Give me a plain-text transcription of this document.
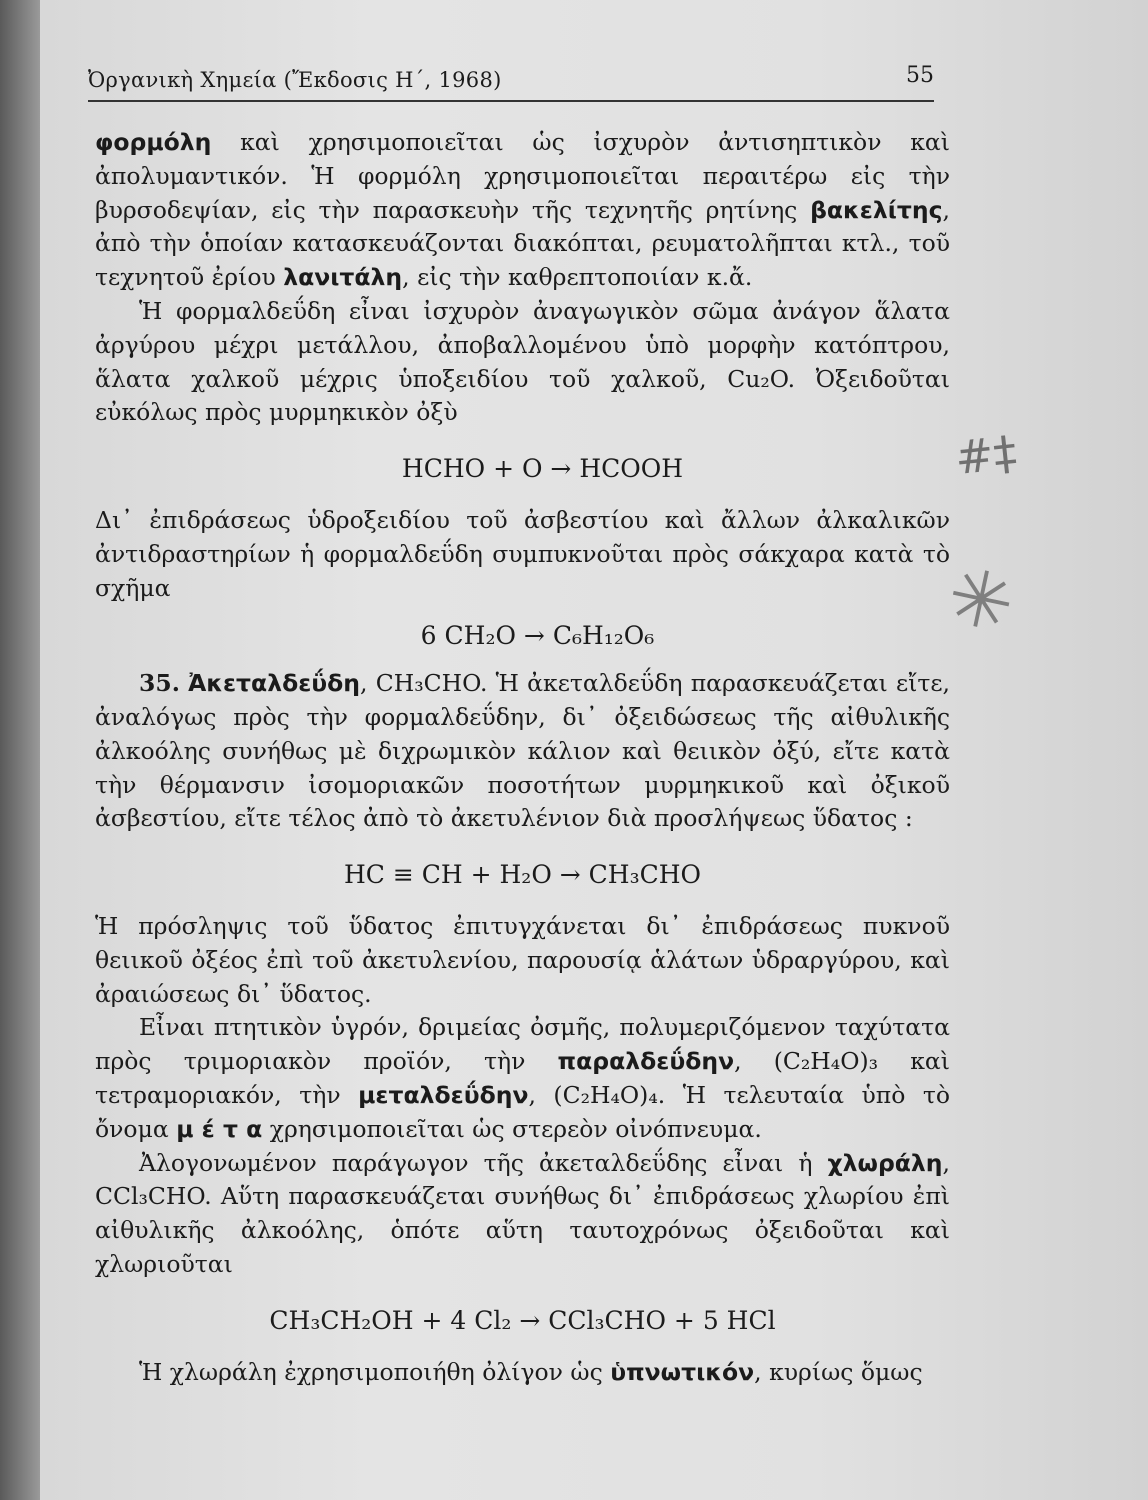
Ὀργανικὴ Χημεία (Ἔκδοσις Η΄, 1968)	55

φορμόλη καὶ χρησιμοποιεῖται ὡς ἰσχυρὸν ἀντισηπτικὸν καὶ ἀπολυμαντικόν. Ἡ φορμόλη χρησιμοποιεῖται περαιτέρω εἰς τὴν βυρσοδεψίαν, εἰς τὴν παρασκευὴν τῆς τεχνητῆς ρητίνης βακελίτης, ἀπὸ τὴν ὁποίαν κατασκευάζονται διακόπται, ρευματολῆπται κτλ., τοῦ τεχνητοῦ ἐρίου λανιτάλη, εἰς τὴν καθρεπτοποιίαν κ.ἄ.

Ἡ φορμαλδεΰδη εἶναι ἰσχυρὸν ἀναγωγικὸν σῶμα ἀνάγον ἅλατα ἀργύρου μέχρι μετάλλου, ἀποβαλλομένου ὑπὸ μορφὴν κατόπτρου, ἅλατα χαλκοῦ μέχρις ὑποξειδίου τοῦ χαλκοῦ, Cu₂O. Ὀξειδοῦται εὐκόλως πρὸς μυρμηκικὸν ὀξὺ

HCHO + O → HCOOH

Δι᾽ ἐπιδράσεως ὑδροξειδίου τοῦ ἀσβεστίου καὶ ἄλλων ἀλκαλικῶν ἀντιδραστηρίων ἡ φορμαλδεΰδη συμπυκνοῦται πρὸς σάκχαρα κατὰ τὸ σχῆμα

6 CH₂O → C₆H₁₂O₆

35. Ἀκεταλδεΰδη, CH₃CHO. Ἡ ἀκεταλδεΰδη παρασκευάζεται εἴτε, ἀναλόγως πρὸς τὴν φορμαλδεΰδην, δι᾽ ὀξειδώσεως τῆς αἰθυλικῆς ἀλκοόλης συνήθως μὲ διχρωμικὸν κάλιον καὶ θειικὸν ὀξύ, εἴτε κατὰ τὴν θέρμανσιν ἰσομοριακῶν ποσοτήτων μυρμηκικοῦ καὶ ὀξικοῦ ἀσβεστίου, εἴτε τέλος ἀπὸ τὸ ἀκετυλένιον διὰ προσλήψεως ὕδατος :

HC ≡ CH + H₂O → CH₃CHO

Ἡ πρόσληψις τοῦ ὕδατος ἐπιτυγχάνεται δι᾽ ἐπιδράσεως πυκνοῦ θειικοῦ ὀξέος ἐπὶ τοῦ ἀκετυλενίου, παρουσίᾳ ἁλάτων ὑδραργύρου, καὶ ἀραιώσεως δι᾽ ὕδατος.

Εἶναι πτητικὸν ὑγρόν, δριμείας ὀσμῆς, πολυμεριζόμενον ταχύτατα πρὸς τριμοριακὸν προϊόν, τὴν παραλδεΰδην, (C₂H₄O)₃ καὶ τετραμοριακόν, τὴν μεταλδεΰδην, (C₂H₄O)₄. Ἡ τελευταία ὑπὸ τὸ ὄνομα μ έ τ α χρησιμοποιεῖται ὡς στερεὸν οἰνόπνευμα.

Ἀλογονωμένον παράγωγον τῆς ἀκεταλδεΰδης εἶναι ἡ χλωράλη, CCl₃CHO. Αὕτη παρασκευάζεται συνήθως δι᾽ ἐπιδράσεως χλωρίου ἐπὶ αἰθυλικῆς ἀλκοόλης, ὁπότε αὕτη ταυτοχρόνως ὀξειδοῦται καὶ χλωριοῦται

CH₃CH₂OH + 4 Cl₂ → CCl₃CHO + 5 HCl

Ἡ χλωράλη ἐχρησιμοποιήθη ὀλίγον ὡς ὑπνωτικόν, κυρίως ὅμως

#‡
✳
